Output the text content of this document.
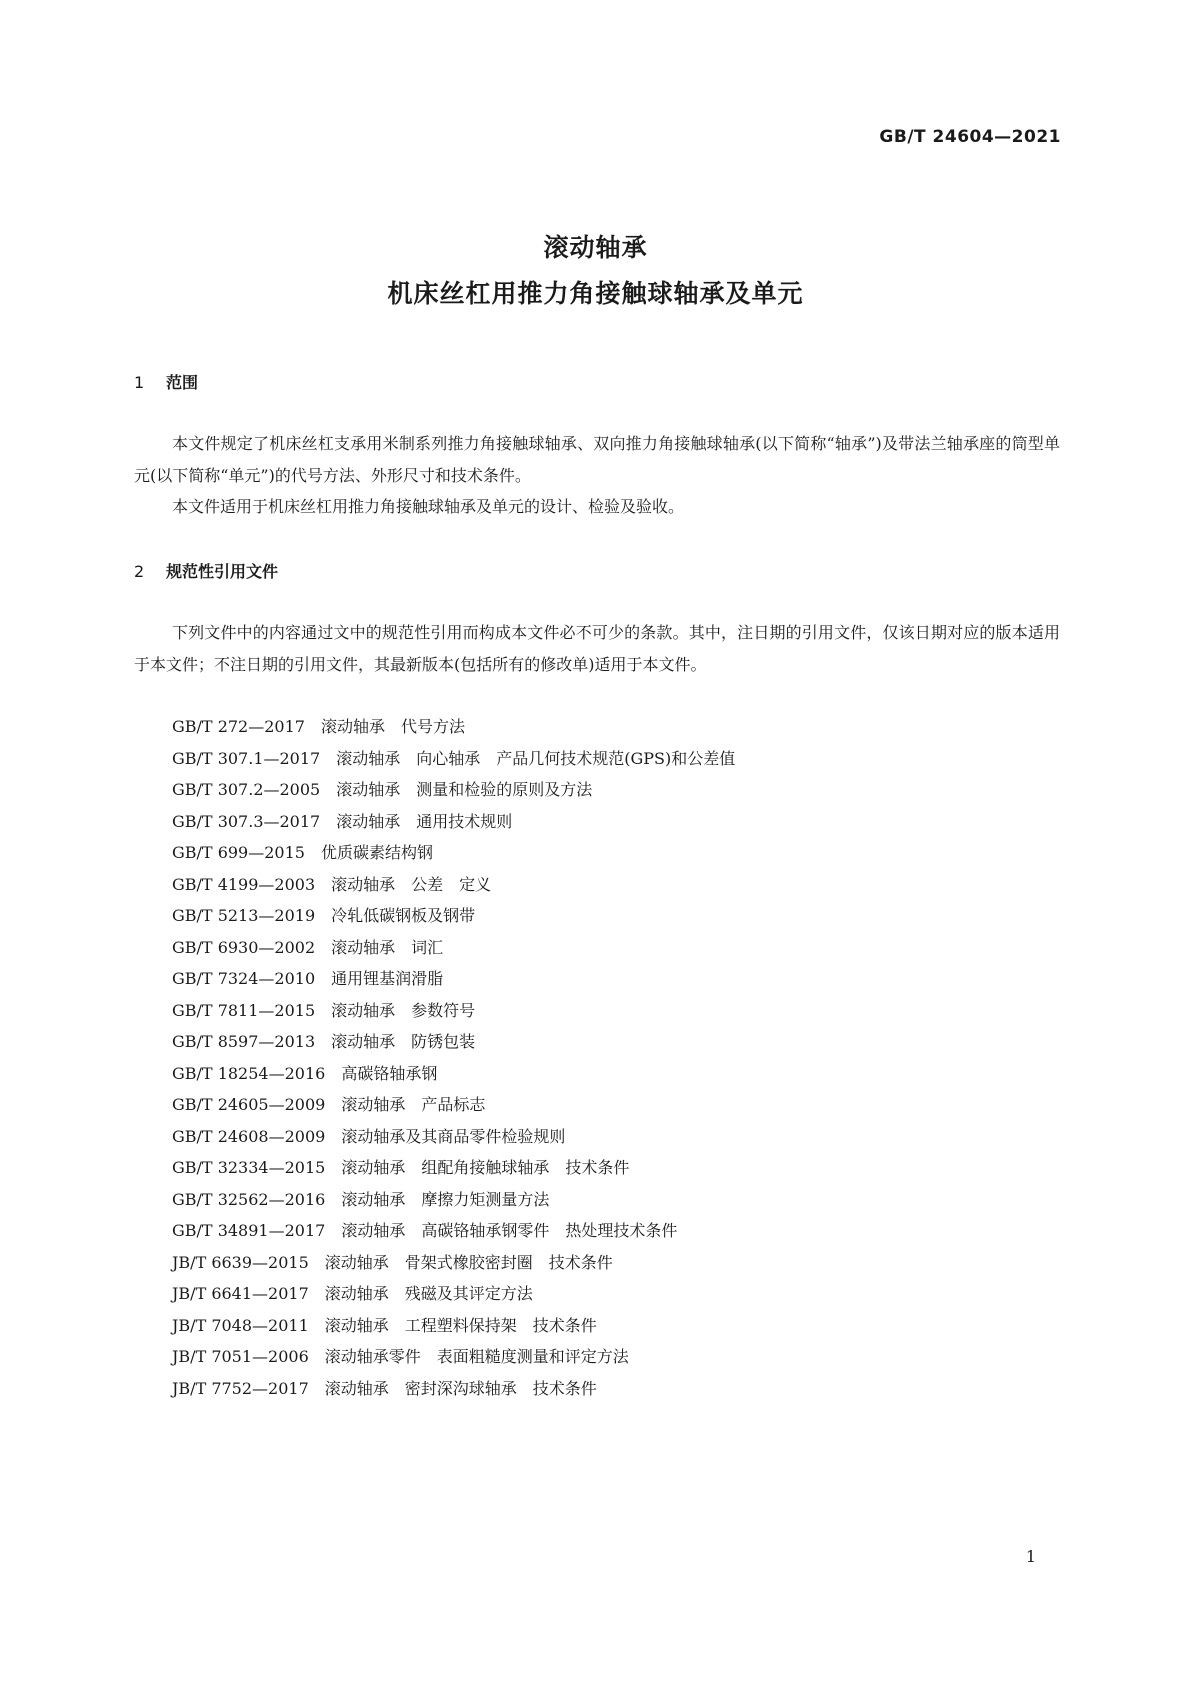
GB/T 24604—2021
滚动轴承
机床丝杠用推力角接触球轴承及单元
1 范围
本文件规定了机床丝杠支承用米制系列推力角接触球轴承、双向推力角接触球轴承(以下简称“轴承”)及带法兰轴承座的筒型单元(以下简称“单元”)的代号方法、外形尺寸和技术条件。
本文件适用于机床丝杠用推力角接触球轴承及单元的设计、检验及验收。
2 规范性引用文件
下列文件中的内容通过文中的规范性引用而构成本文件必不可少的条款。其中，注日期的引用文件，仅该日期对应的版本适用于本文件；不注日期的引用文件，其最新版本(包括所有的修改单)适用于本文件。
GB/T 272—2017 滚动轴承　代号方法
GB/T 307.1—2017 滚动轴承　向心轴承　产品几何技术规范(GPS)和公差值
GB/T 307.2—2005 滚动轴承　测量和检验的原则及方法
GB/T 307.3—2017 滚动轴承　通用技术规则
GB/T 699—2015 优质碳素结构钢
GB/T 4199—2003 滚动轴承　公差　定义
GB/T 5213—2019 冷轧低碳钢板及钢带
GB/T 6930—2002 滚动轴承　词汇
GB/T 7324—2010 通用锂基润滑脂
GB/T 7811—2015 滚动轴承　参数符号
GB/T 8597—2013 滚动轴承　防锈包装
GB/T 18254—2016 高碳铬轴承钢
GB/T 24605—2009 滚动轴承　产品标志
GB/T 24608—2009 滚动轴承及其商品零件检验规则
GB/T 32334—2015 滚动轴承　组配角接触球轴承　技术条件
GB/T 32562—2016 滚动轴承　摩擦力矩测量方法
GB/T 34891—2017 滚动轴承　高碳铬轴承钢零件　热处理技术条件
JB/T 6639—2015 滚动轴承　骨架式橡胶密封圈　技术条件
JB/T 6641—2017 滚动轴承　残磁及其评定方法
JB/T 7048—2011 滚动轴承　工程塑料保持架　技术条件
JB/T 7051—2006 滚动轴承零件　表面粗糙度测量和评定方法
JB/T 7752—2017 滚动轴承　密封深沟球轴承　技术条件
1
